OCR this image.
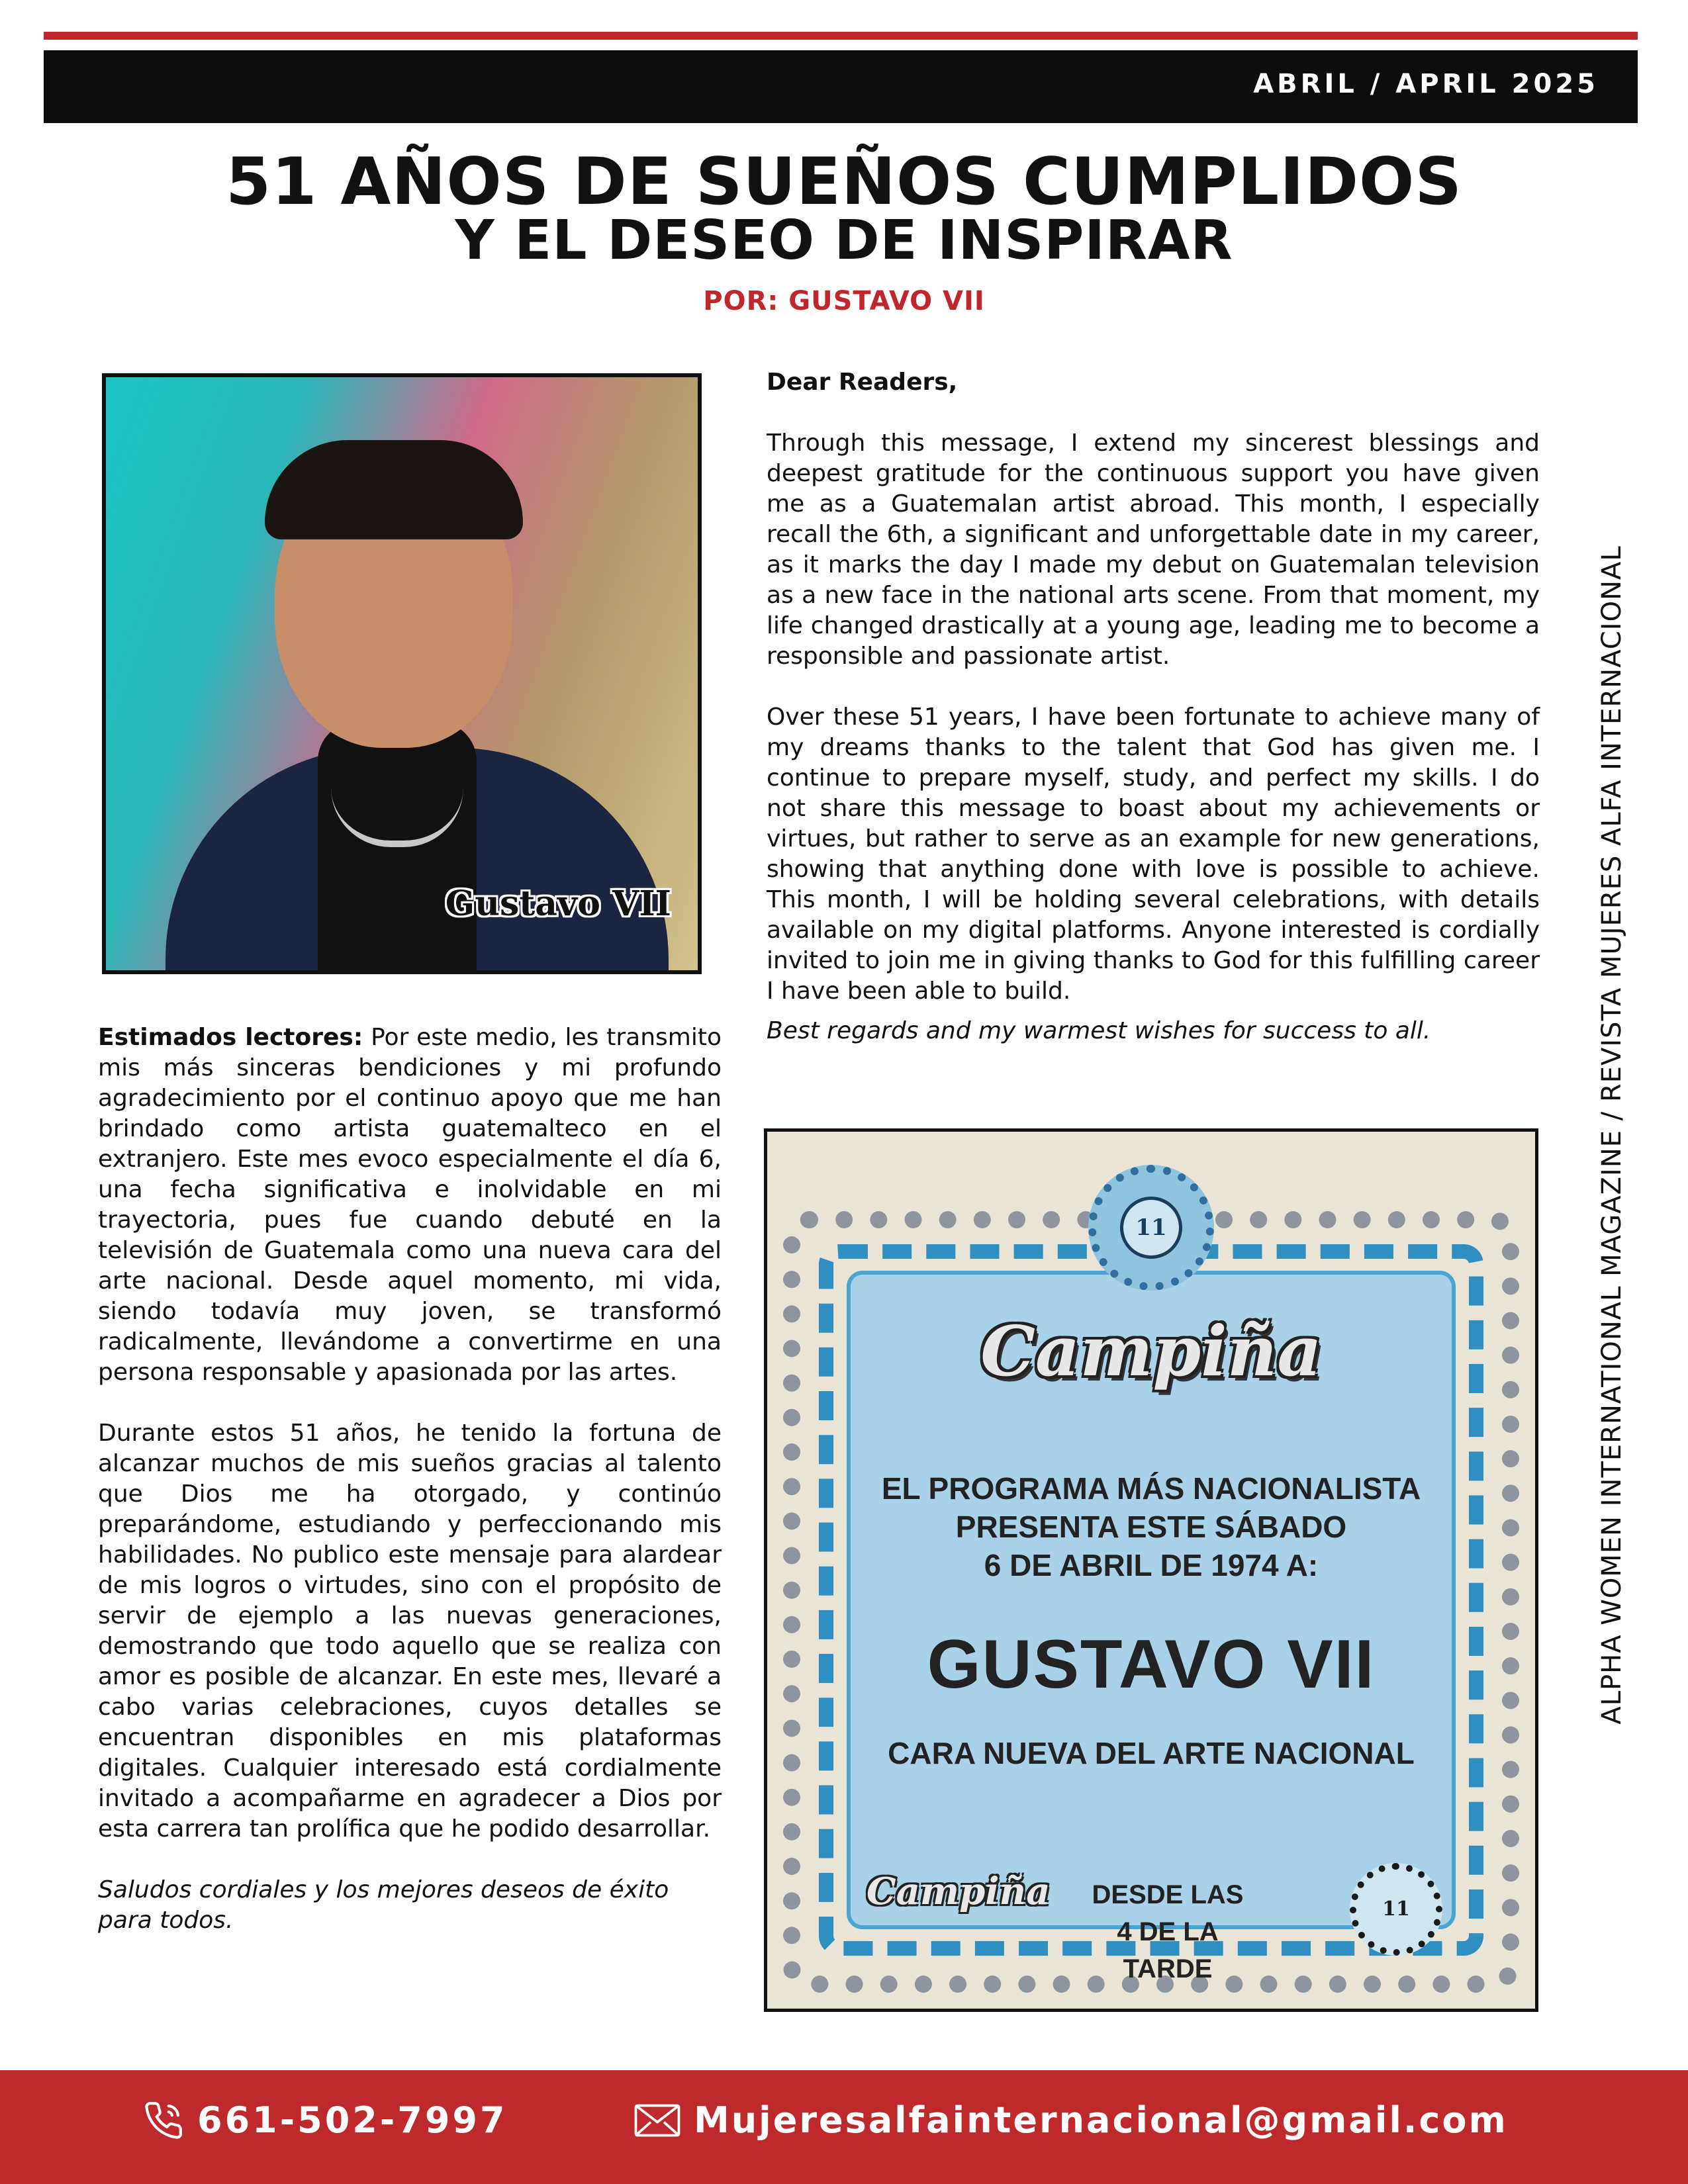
ABRIL / APRIL 2025
51 AÑOS DE SUEÑOS CUMPLIDOS
Y EL DESEO DE INSPIRAR
POR: GUSTAVO VII
Gustavo VII

Estimados lectores: Por este medio, les transmito mis más sinceras bendiciones y mi profundo agradecimiento por el continuo apoyo que me han brindado como artista guatemalteco en el extranjero. Este mes evoco especialmente el día 6, una fecha significativa e inolvidable en mi trayectoria, pues fue cuando debuté en la televisión de Guatemala como una nueva cara del arte nacional. Desde aquel momento, mi vida, siendo todavía muy joven, se transformó radicalmente, llevándome a convertirme en una persona responsable y apasionada por las artes.

Durante estos 51 años, he tenido la fortuna de alcanzar muchos de mis sueños gracias al talento que Dios me ha otorgado, y continúo preparándome, estudiando y perfeccionando mis habilidades. No publico este mensaje para alardear de mis logros o virtudes, sino con el propósito de servir de ejemplo a las nuevas generaciones, demostrando que todo aquello que se realiza con amor es posible de alcanzar. En este mes, llevaré a cabo varias celebraciones, cuyos detalles se encuentran disponibles en mis plataformas digitales. Cualquier interesado está cordialmente invitado a acompañarme en agradecer a Dios por esta carrera tan prolífica que he podido desarrollar.

Saludos cordiales y los mejores deseos de éxito para todos.

Dear Readers,

Through this message, I extend my sincerest blessings and deepest gratitude for the continuous support you have given me as a Guatemalan artist abroad. This month, I especially recall the 6th, a significant and unforgettable date in my career, as it marks the day I made my debut on Guatemalan television as a new face in the national arts scene. From that moment, my life changed drastically at a young age, leading me to become a responsible and passionate artist.

Over these 51 years, I have been fortunate to achieve many of my dreams thanks to the talent that God has given me. I continue to prepare myself, study, and perfect my skills. I do not share this message to boast about my achievements or virtues, but rather to serve as an example for new generations, showing that anything done with love is possible to achieve. This month, I will be holding several celebrations, with details available on my digital platforms. Anyone interested is cordially invited to join me in giving thanks to God for this fulfilling career I have been able to build.

Best regards and my warmest wishes for success to all.

11
Campiña
EL PROGRAMA MÁS NACIONALISTA
PRESENTA ESTE SÁBADO
6 DE ABRIL DE 1974 A:
GUSTAVO VII
CARA NUEVA DEL ARTE NACIONAL
Campiña	DESDE LAS
4 DE LA TARDE
11
ALPHA WOMEN INTERNATIONAL MAGAZINE / REVISTA MUJERES ALFA INTERNACIONAL
661-502-7997	Mujeresalfainternacional@gmail.com
